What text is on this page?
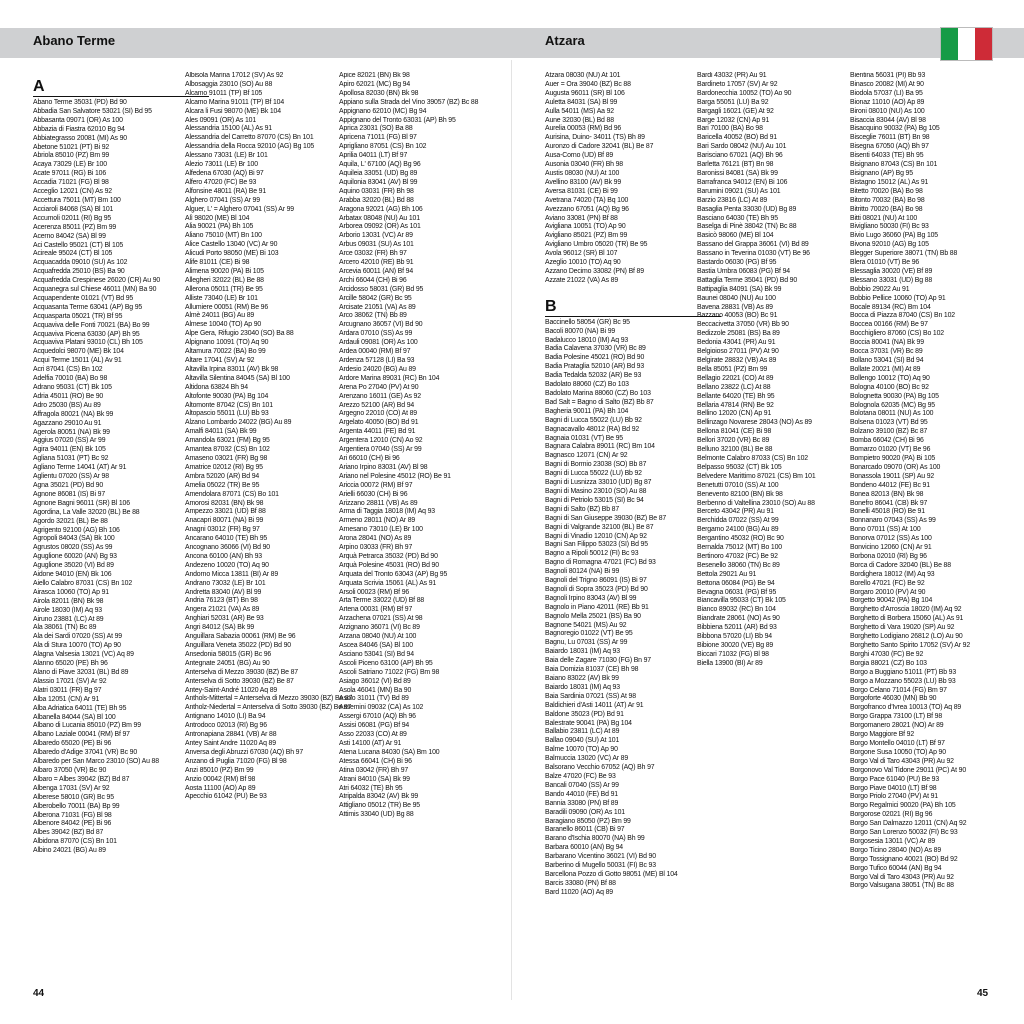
Abano Terme	Atzara
A
Abano Terme 35031 (PD) Bd 90
Abbadia San Salvatore 53021 (SI) Bd 95
Abbasanta 09071 (OR) As 100
Abbazia di Fiastra 62010 Bg 94
Abbiategrasso 20081 (MI) As 90
Abetone 51021 (PT) Bi 92
Abriola 85010 (PZ) Bm 99
Acaya 73029 (LE) Br 100
Acate 97011 (RG) Bi 106
Accadia 71021 (FG) Bl 98
Acceglio 12021 (CN) As 92
Accettura 75011 (MT) Bm 100
Acciaroli 84068 (SA) Bl 101
Accumoli 02011 (RI) Bg 95
Acerenza 85011 (PZ) Bm 99
Acerno 84042 (SA) Bl 99
Aci Castello 95021 (CT) Bl 105
Acireale 95024 (CT) Bl 105
Acquacadda 09010 (SU) As 102
Acquafredda 25010 (BS) Ba 90
Acquafredda Crespinese 26020 (CR) Au 90
Acquanegra sul Chiese 46011 (MN) Ba 90
Acquapendente 01021 (VT) Bd 95
Acquasanta Terme 63041 (AP) Bg 95
Acquasparta 05021 (TR) Bf 95
Acquaviva delle Fonti 70021 (BA) Bo 99
Acquaviva Picena 63030 (AP) Bh 95
Acquaviva Platani 93010 (CL) Bh 105
Acquedolci 98070 (ME) Bk 104
Acqui Terme 15011 (AL) Av 91
Acri 87041 (CS) Bn 102
Adelfia 70010 (BA) Bo 98
Adrano 95031 (CT) Bk 105
Adria 45011 (RO) Be 90
Adro 25030 (BS) Au 89
Affragola 80021 (NA) Bk 99
Agazzano 29010 Au 91
Agerola 80051 (NA) Bk 99
Aggius 07020 (SS) Ar 99
Agira 94011 (EN) Bk 105
Agliana 51031 (PT) Bc 92
Agliano Terme 14041 (AT) Ar 91
Aglientu 07020 (SS) Ar 98
Agna 35021 (PD) Bd 90
Agnone 86081 (IS) Bi 97
Agnone Bagni 96011 (SR) Bl 106
Agordina, La Valle 32020 (BL) Be 88
Agordo 32021 (BL) Be 88
Agrigento 92100 (AG) Bh 106
Agropoli 84043 (SA) Bk 100
Agrustos 08020 (SS) As 99
Aguglione 60020 (AN) Bg 93
Aguglione 35020 (VI) Bd 89
Aidone 94010 (EN) Bk 106
Aiello Calabro 87031 (CS) Bn 102
Airasca 10060 (TO) Ap 91
Airola 82011 (BN) Bk 98
Airole 18030 (IM) Aq 93
Airuno 23881 (LC) At 89
Ala 38061 (TN) Bc 89
Ala dei Sardi 07020 (SS) At 99
Ala di Stura 10070 (TO) Ap 90
Alagna Valsesia 13021 (VC) Aq 89
Alanno 65020 (PE) Bh 96
Alano di Piave 32031 (BL) Bd 89
Alassio 17021 (SV) Ar 92
Alatri 03011 (FR) Bg 97
Alba 12051 (CN) Ar 91
Alba Adriatica 64011 (TE) Bh 95
Albanella 84044 (SA) Bl 100
Albano di Lucania 85010 (PZ) Bm 99
Albano Laziale 00041 (RM) Bf 97
Albaredo 65020 (PE) Bi 96
Albaredo d'Adige 37041 (VR) Bc 90
Albaredo per San Marco 23010 (SO) Au 88
Albaro 37050 (VR) Bc 90
Albaro = Albes 39042 (BZ) Bd 87
Albenga 17031 (SV) Ar 92
Alberese 58010 (GR) Bc 95
Alberobello 70011 (BA) Bp 99
Alberona 71031 (FG) Bl 98
Albenore 84042 (PE) Bi 96
Albes 39042 (BZ) Bd 87
Albidona 87070 (CS) Bn 101
Albino 24021 (BG) Au 89
Albisola Marina 17012 (SV) As 92
Albosaggia 23010 (SO) Au 88
Alcamo 91011 (TP) Bf 105
Alcamo Marina 91011 (TP) Bf 104
Alcara li Fusi 98070 (ME) Bk 104
Ales 09091 (OR) As 101
Alessandria 15100 (AL) As 91
Alessandria del Carretto 87070 (CS) Bn 101
Alessandria della Rocca 92010 (AG) Bg 105
Alessano 73031 (LE) Br 101
Alezio 73011 (LE) Br 100
Alfedena 67030 (AQ) Bi 97
Alfero 47020 (FC) Be 93
Alfonsine 48011 (RA) Be 91
Alghero 07041 (SS) Ar 99
Alguer, L' = Alghero 07041 (SS) Ar 99
Alì 98020 (ME) Bl 104
Alia 90021 (PA) Bh 105
Aliano 75010 (MT) Bn 100
Alice Castello 13040 (VC) Ar 90
Alicudi Porto 98050 (ME) Bi 103
Alife 81011 (CE) Bi 98
Alimena 90020 (PA) Bi 105
Allegheri 32022 (BL) Be 88
Allerona 05011 (TR) Be 95
Alliste 73040 (LE) Br 101
Allumiere 00051 (RM) Be 96
Almè 24011 (BG) Au 89
Almese 10040 (TO) Ap 90
Alpe Gera, Rifugio 23040 (SO) Ba 88
Alpignano 10091 (TO) Aq 90
Altamura 70022 (BA) Bo 99
Altare 17041 (SV) Ar 92
Altavilla Irpina 83011 (AV) Bk 98
Altavilla Silentina 84045 (SA) Bl 100
Altidona 63824 Bh 94
Altofonte 90030 (PA) Bg 104
Altomonte 87042 (CS) Bn 101
Altopascio 55011 (LU) Bb 93
Alzano Lombardo 24022 (BG) Au 89
Amalfi 84011 (SA) Bk 99
Amandola 63021 (FM) Bg 95
Amantea 87032 (CS) Bn 102
Amaseno 03021 (FR) Bg 98
Amatrice 02012 (RI) Bg 95
Ambra 52020 (AR) Bd 94
Amelia 05022 (TR) Be 95
Amendolara 87071 (CS) Bo 101
Amorosi 82031 (BN) Bk 98
Ampezzo 33021 (UD) Bf 88
Anacapri 80071 (NA) Bi 99
Anagni 03012 (FR) Bg 97
Ancarano 64010 (TE) Bh 95
Ancognano 36066 (VI) Bd 90
Ancona 60100 (AN) Bh 93
Andezeno 10020 (TO) Aq 90
Andorno Micca 13811 (BI) Ar 89
Andrano 73032 (LE) Br 101
Andretta 83040 (AV) Bl 99
Andria 76123 (BT) Bn 98
Angera 21021 (VA) As 89
Anghiari 52031 (AR) Be 93
Angri 84012 (SA) Bk 99
Anguillara Sabazia 00061 (RM) Be 96
Anguillara Veneta 35022 (PD) Bd 90
Ansedonia 58015 (GR) Bc 96
Antegnate 24051 (BG) Au 90
Anterselva di Mezzo 39030 (BZ) Be 87
Anterselva di Sotto 39030 (BZ) Be 87
Antey-Saint-André 11020 Aq 89
Anthols-Mittertal = Anterselva di Mezzo 39030 (BZ) Be 87
Antholz-Niedertal = Anterselva di Sotto 39030 (BZ) Be 87
Antignano 14010 (LI) Ba 94
Antrodoco 02013 (RI) Bg 96
Antronapiana 28841 (VB) Ar 88
Antey Saint Andre 11020 Aq 89
Anversa degli Abruzzi 67030 (AQ) Bh 97
Anzano di Puglia 71020 (FG) Bl 98
Anzi 85010 (PZ) Bm 99
Anzio 00042 (RM) Bf 98
Aosta 11100 (AO) Ap 89
Apecchio 61042 (PU) Be 93
Apice 82021 (BN) Bk 98
Apiro 62021 (MC) Bg 94
Apollosa 82030 (BN) Bk 98
Appiano sulla Strada del Vino 39057 (BZ) Bc 88
Appignano 62010 (MC) Bg 94
Appignano del Tronto 63031 (AP) Bh 95
Aprica 23031 (SO) Ba 88
Apricena 71011 (FG) Bl 97
Aprigliano 87051 (CS) Bn 102
Aprilia 04011 (LT) Bf 97
Aquila, L' 67100 (AQ) Bg 96
Aquileia 33051 (UD) Bg 89
Aquilonia 83041 (AV) Bl 99
Aquino 03031 (FR) Bh 98
Arabba 32020 (BL) Bd 88
Aragona 92021 (AG) Bh 106
Arbatax 08048 (NU) Au 101
Arborea 09092 (OR) As 101
Arborio 13031 (VC) Ar 89
Arbus 09031 (SU) As 101
Arce 03032 (FR) Bh 97
Arcето 42010 (RE) Bb 91
Arcevia 60011 (AN) Bf 94
Archi 66044 (CH) Bi 96
Arcidosso 58031 (GR) Bd 95
Arcille 58042 (GR) Bc 95
Arcisate 21051 (VA) As 89
Arco 38062 (TN) Bb 89
Arcugnano 36057 (VI) Bd 90
Ardara 07010 (SS) As 99
Ardauli 09081 (OR) As 100
Ardea 00040 (RM) Bf 97
Ardenza 57128 (LI) Ba 93
Ardesio 24020 (BG) Au 89
Ardore Marina 89031 (RC) Bn 104
Arena Po 27040 (PV) At 90
Arenzano 16011 (GE) As 92
Arezzo 52100 (AR) Bd 94
Argegno 22010 (CO) At 89
Argelato 40050 (BO) Bd 91
Argenta 44011 (FE) Bd 91
Argentera 12010 (CN) Ao 92
Argentiera 07040 (SS) Ar 99
Ari 66010 (CH) Bi 96
Ariano Irpino 83031 (AV) Bl 98
Ariano nel Polesine 45012 (RO) Be 91
Ariccia 00072 (RM) Bf 97
Arielli 66030 (CH) Bi 96
Arizzano 28811 (VB) As 89
Arma di Taggia 18018 (IM) Aq 93
Armeno 28011 (NO) Ar 89
Arnesano 73010 (LE) Br 100
Arona 28041 (NO) As 89
Arpino 03033 (FR) Bh 97
Arquà Petrarca 35032 (PD) Bd 90
Arquà Polesine 45031 (RO) Bd 90
Arquata del Tronto 63043 (AP) Bg 95
Arquata Scrivia 15061 (AL) As 91
Arsoli 00023 (RM) Bf 96
Arta Terme 33022 (UD) Bf 88
Artena 00031 (RM) Bf 97
Arzachena 07021 (SS) At 98
Arzignano 36071 (VI) Bc 89
Arzana 08040 (NU) At 100
Ascea 84046 (SA) Bl 100
Asciano 53041 (SI) Bd 94
Ascoli Piceno 63100 (AP) Bh 95
Ascoli Satriano 71022 (FG) Bm 98
Asiago 36012 (VI) Bd 89
Asola 46041 (MN) Ba 90
Asolo 31011 (TV) Bd 89
Assemini 09032 (CA) As 102
Assergi 67010 (AQ) Bh 96
Assisi 06081 (PG) Bf 94
Asso 22033 (CO) At 89
Asti 14100 (AT) Ar 91
Atena Lucana 84030 (SA) Bm 100
Atessa 66041 (CH) Bi 96
Atina 03042 (FR) Bh 97
Atrani 84010 (SA) Bk 99
Atri 64032 (TE) Bh 95
Atripalda 83042 (AV) Bk 99
Attigliano 05012 (TR) Be 95
Attimis 33040 (UD) Bg 88
Atzara 08030 (NU) At 101
Auer = Ora 39040 (BZ) Bc 88
Augusta 96011 (SR) Bl 106
Auletta 84031 (SA) Bl 99
Aulla 54011 (MS) Aa 92
Aune 32030 (BL) Bd 88
Aurelia 00053 (RM) Bd 96
Aurisina, Duino- 34011 (TS) Bh 89
Auronzo di Cadore 32041 (BL) Be 87
Ausa-Corno (UD) Bf 89
Ausonia 03040 (FR) Bh 98
Austis 08030 (NU) At 100
Avellino 83100 (AV) Bk 99
Aversa 81031 (CE) Bi 99
Avetrana 74020 (TA) Bq 100
Avezzano 67051 (AQ) Bg 96
Aviano 33081 (PN) Bf 88
Avigliana 10051 (TO) Ap 90
Avigliano 85021 (PZ) Bm 99
Avigliano Umbro 05020 (TR) Be 95
Avola 96012 (SR) Bl 107
Azeglio 10010 (TO) Aq 90
Azzano Decimo 33082 (PN) Bf 89
Azzate 21022 (VA) As 89
B
Baccinello 58054 (GR) Bc 95
Bacoli 80070 (NA) Bi 99
Badalucco 18010 (IM) Aq 93
Badia Calavena 37030 (VR) Bc 89
Badia Polesine 45021 (RO) Bd 90
Badia Prataglia 52010 (AR) Bd 93
Badia Tedalda 52032 (AR) Be 93
Badolato 88060 (CZ) Bo 103
Badolato Marina 88060 (CZ) Bo 103
Bad Salt = Bagno di Salto (BZ) Bb 87
Bagheria 90011 (PA) Bh 104
Bagni di Lucca 55022 (LU) Bb 92
Bagnacavallo 48012 (RA) Bd 92
Bagnaia 01031 (VT) Be 95
Bagnara Calabra 89011 (RC) Bm 104
Bagnasco 12071 (CN) Ar 92
Bagni di Bormio 23038 (SO) Bb 87
Bagni di Lucca 55022 (LU) Bb 92
Bagni di Lusnizza 33010 (UD) Bg 87
Bagni di Masino 23010 (SO) Au 88
Bagni di Petriolo 53015 (SI) Bc 94
Bagni di Salto (BZ) Bb 87
Bagni di San Giuseppe 39030 (BZ) Be 87
Bagni di Valgrande 32100 (BL) Be 87
Bagni di Vinadio 12010 (CN) Ap 92
Bagni San Filippo 53023 (SI) Bd 95
Bagno a Ripoli 50012 (FI) Bc 93
Bagno di Romagna 47021 (FC) Bd 93
Bagnoli 80124 (NA) Bi 99
Bagnoli del Trigno 86091 (IS) Bi 97
Bagnoli di Sopra 35023 (PD) Bd 90
Bagnoli Irpino 83043 (AV) Bl 99
Bagnolo in Piano 42011 (RE) Bb 91
Bagnolo Mella 25021 (BS) Ba 90
Bagnone 54021 (MS) Au 92
Bagnoregio 01022 (VT) Be 95
Bagnu, Lu 07031 (SS) Ar 99
Baiardo 18031 (IM) Aq 93
Baia delle Zagare 71030 (FG) Bn 97
Baia Domizia 81037 (CE) Bh 98
Baiano 83022 (AV) Bk 99
Baiardo 18031 (IM) Aq 93
Baia Sardinia 07021 (SS) At 98
Baldichieri d'Asti 14011 (AT) Ar 91
Baldone 35023 (PD) Bd 91
Balestrate 90041 (PA) Bg 104
Ballabio 23811 (LC) At 89
Ballao 09040 (SU) At 101
Balme 10070 (TO) Ap 90
Balmuccia 13020 (VC) Ar 89
Balsorano Vecchio 67052 (AQ) Bh 97
Balze 47020 (FC) Be 93
Bancali 07040 (SS) Ar 99
Bando 44010 (FE) Bd 91
Bannia 33080 (PN) Bf 89
Baradili 09090 (OR) As 101
Baragiano 85050 (PZ) Bm 99
Baranello 86011 (CB) Bi 97
Barano d'Ischia 80070 (NA) Bh 99
Barbara 60010 (AN) Bg 94
Barbarano Vicentino 36021 (VI) Bd 90
Barberino di Mugello 50031 (FI) Bc 93
Barcellona Pozzo di Gotto 98051 (ME) Bl 104
Barcis 33080 (PN) Bf 88
Bard 11020 (AO) Aq 89
Bardi 43032 (PR) Au 91
Bardineto 17057 (SV) Ar 92
Bardonecchia 10052 (TO) Ao 90
Barga 55051 (LU) Ba 92
Bargagli 16021 (GE) At 92
Barge 12032 (CN) Ap 91
Bari 70100 (BA) Bo 98
Baricella 40052 (BO) Bd 91
Bari Sardo 08042 (NU) Au 101
Barisciano 67021 (AQ) Bh 96
Barletta 76121 (BT) Bn 98
Baronissi 84081 (SA) Bk 99
Barrafranca 94012 (EN) Bi 106
Barumini 09021 (SU) As 101
Barzio 23816 (LC) At 89
Basaglia Penta 33030 (UD) Bg 89
Basciano 64030 (TE) Bh 95
Baselga di Pinè 38042 (TN) Bc 88
Basicò 98060 (ME) Bl 104
Bassano del Grappa 36061 (VI) Bd 89
Bassano in Teverina 01030 (VT) Be 96
Bastardo 06030 (PG) Bf 95
Bastia Umbra 06083 (PG) Bf 94
Battaglia Terme 35041 (PD) Bd 90
Battipaglia 84091 (SA) Bk 99
Baunei 08040 (NU) Au 100
Bavena 28831 (VB) As 89
Bazzano 40053 (BO) Bc 91
Beccacivetta 37050 (VR) Bb 90
Bedizzole 25081 (BS) Ba 89
Bedonia 43041 (PR) Au 91
Belgioioso 27011 (PV) At 90
Belgirate 28832 (VB) As 89
Bella 85051 (PZ) Bm 99
Bellagio 22021 (CO) At 89
Bellano 23822 (LC) At 88
Bellante 64020 (TE) Bh 95
Bellaria 47814 (RN) Be 92
Bellino 12020 (CN) Ap 91
Bellinzago Novarese 28043 (NO) As 89
Bellona 81041 (CE) Bi 98
Bellori 37020 (VR) Bc 89
Belluno 32100 (BL) Be 88
Belmonte Calabro 87033 (CS) Bn 102
Belpasso 95032 (CT) Bk 105
Belvedere Marittimo 87021 (CS) Bm 101
Benetutti 07010 (SS) At 100
Benevento 82100 (BN) Bk 98
Berbenno di Valtellina 23010 (SO) Au 88
Berceto 43042 (PR) Au 91
Berchidda 07022 (SS) At 99
Bergamo 24100 (BG) Au 89
Bergantino 45032 (RO) Bc 90
Bernalda 75012 (MT) Bo 100
Bertinoro 47032 (FC) Be 92
Besenello 38060 (TN) Bc 89
Bettola 29021 Au 91
Bettona 06084 (PG) Be 94
Bevagna 06031 (PG) Bf 95
Biancavilla 95033 (CT) Bk 105
Bianco 89032 (RC) Bn 104
Biandrate 28061 (NO) As 90
Bibbiena 52011 (AR) Bd 93
Bibbona 57020 (LI) Bb 94
Bibione 30020 (VE) Bg 89
Biccari 71032 (FG) Bl 98
Biella 13900 (BI) Ar 89
Bientina 56031 (PI) Bb 93
Binasco 20082 (MI) At 90
Biodola 57037 (LI) Ba 95
Bionaz 11010 (AO) Ap 89
Bironi 08010 (NU) As 100
Bisaccia 83044 (AV) Bl 98
Bisacquino 90032 (PA) Bg 105
Bisceglie 76011 (BT) Bn 98
Bisegna 67050 (AQ) Bh 97
Bisenti 64033 (TE) Bh 95
Bisignano 87043 (CS) Bn 101
Bisignano (AP) Bg 95
Bistagno 15012 (AL) As 91
Bitetto 70020 (BA) Bo 98
Bitonto 70032 (BA) Bo 98
Bitritto 70020 (BA) Bo 98
Bitti 08021 (NU) At 100
Bivigliano 50030 (FI) Bc 93
Bivio Lugo 36060 (PA) Bg 105
Bivona 92010 (AG) Bg 105
Blegger Superiore 38071 (TN) Bb 88
Blera 01010 (VT) Be 96
Blessaglia 30020 (VE) Bf 89
Blessano 33031 (UD) Bg 88
Bobbio 29022 Au 91
Bobbio Pellice 10060 (TO) Ap 91
Bocale 89134 (RC) Bm 104
Bocca di Piazza 87040 (CS) Bn 102
Boccea 00166 (RM) Be 97
Bocchigliero 87060 (CS) Bo 102
Boccia 80041 (NA) Bk 99
Bocca 37031 (VR) Bc 89
Bollano 53041 (SI) Bd 94
Bollate 20021 (MI) At 89
Bollengo 10012 (TO) Aq 90
Bologna 40100 (BO) Bc 92
Bolognetta 90030 (PA) Bg 105
Bolognola 62035 (MC) Bg 95
Bolotana 08011 (NU) As 100
Bolsena 01023 (VT) Bd 95
Bolzano 39100 (BZ) Bc 87
Bomba 66042 (CH) Bi 96
Bomarzo 01020 (VT) Be 96
Bompietro 90020 (PA) Bi 105
Bonarcado 09070 (OR) As 100
Bonassola 19011 (SP) Au 92
Bondeno 44012 (FE) Bc 91
Bonea 82013 (BN) Bk 98
Bonefro 86041 (CB) Bk 97
Bonelli 45018 (RO) Be 91
Bonnanaro 07043 (SS) As 99
Bono 07011 (SS) At 100
Bonorva 07012 (SS) As 100
Bonvicino 12060 (CN) Ar 91
Borbona 02010 (RI) Bg 96
Borca di Cadore 32040 (BL) Be 88
Bordighera 18012 (IM) Aq 93
Borello 47021 (FC) Be 92
Borgaro 20010 (PV) At 90
Borgetto 90042 (PA) Bg 104
Borghetto d'Arroscia 18020 (IM) Aq 92
Borghetto di Borbera 15060 (AL) As 91
Borghetto di Vara 19020 (SP) Au 92
Borghetto Lodigiano 26812 (LO) Au 90
Borghetto Santo Spirito 17052 (SV) Ar 92
Borghi 47030 (FC) Be 92
Borgia 88021 (CZ) Bo 103
Borgo a Buggiano 51011 (PT) Bb 93
Borgo a Mozzano 55023 (LU) Bb 93
Borgo Celano 71014 (FG) Bm 97
Borgoforte 46030 (MN) Bb 90
Borgofranco d'Ivrea 10013 (TO) Aq 89
Borgo Grappa 73100 (LT) Bf 98
Borgomanero 28021 (NO) Ar 89
Borgo Maggiore Bf 92
Borgo Montello 04010 (LT) Bf 97
Borgone Susa 10050 (TO) Ap 90
Borgo Val di Taro 43043 (PR) Au 92
Borgonovo Val Tidone 29011 (PC) At 90
Borgo Pace 61040 (PU) Be 93
Borgo Piave 04010 (LT) Bf 98
Borgo Priolo 27040 (PV) At 91
Borgo Regalmici 90020 (PA) Bh 105
Borgorose 02021 (RI) Bg 96
Borgo San Dalmazzo 12011 (CN) Aq 92
Borgo San Lorenzo 50032 (FI) Bc 93
Borgosesia 13011 (VC) Ar 89
Borgo Ticino 28040 (NO) As 89
Borgo Tossignano 40021 (BO) Bd 92
Borgo Tufico 60044 (AN) Bg 94
Borgo Val di Taro 43043 (PR) Au 92
Borgo Valsugana 38051 (TN) Bc 88
44	45
